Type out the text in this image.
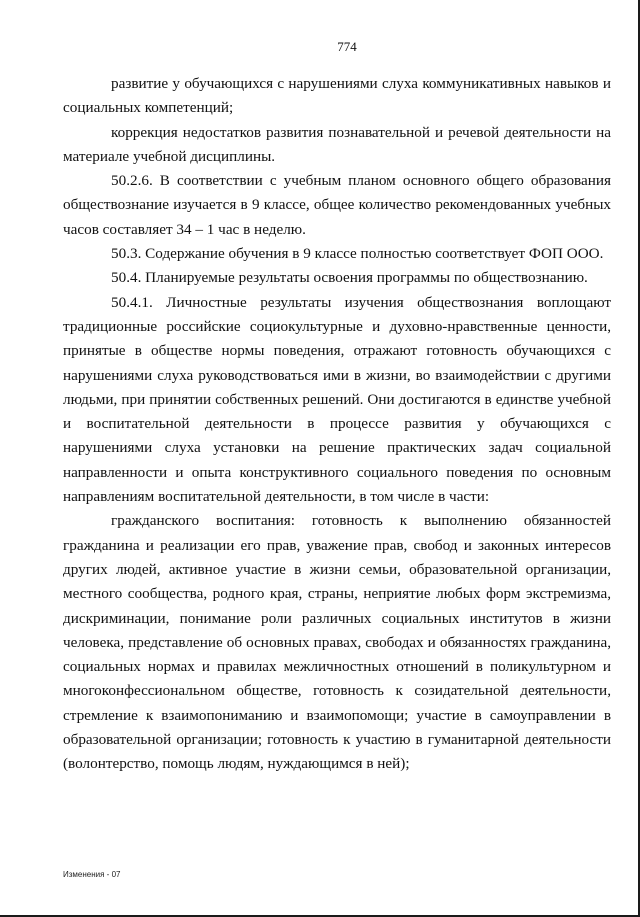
774

развитие у обучающихся с нарушениями слуха коммуникативных навыков и социальных компетенций;

коррекция недостатков развития познавательной и речевой деятельности на материале учебной дисциплины.

50.2.6. В соответствии с учебным планом основного общего образования обществознание изучается в 9 классе, общее количество рекомендованных учебных часов составляет 34 – 1 час в неделю.

50.3. Содержание обучения в 9 классе полностью соответствует ФОП ООО.

50.4. Планируемые результаты освоения программы по обществознанию.

50.4.1. Личностные результаты изучения обществознания воплощают традиционные российские социокультурные и духовно-нравственные ценности, принятые в обществе нормы поведения, отражают готовность обучающихся с нарушениями слуха руководствоваться ими в жизни, во взаимодействии с другими людьми, при принятии собственных решений. Они достигаются в единстве учебной и воспитательной деятельности в процессе развития у обучающихся с нарушениями слуха установки на решение практических задач социальной направленности и опыта конструктивного социального поведения по основным направлениям воспитательной деятельности, в том числе в части:

гражданского воспитания: готовность к выполнению обязанностей гражданина и реализации его прав, уважение прав, свобод и законных интересов других людей, активное участие в жизни семьи, образовательной организации, местного сообщества, родного края, страны, неприятие любых форм экстремизма, дискриминации, понимание роли различных социальных институтов в жизни человека, представление об основных правах, свободах и обязанностях гражданина, социальных нормах и правилах межличностных отношений в поликультурном и многоконфессиональном обществе, готовность к созидательной деятельности, стремление к взаимопониманию и взаимопомощи; участие в самоуправлении в образовательной организации; готовность к участию в гуманитарной деятельности (волонтерство, помощь людям, нуждающимся в ней);

Изменения - 07
